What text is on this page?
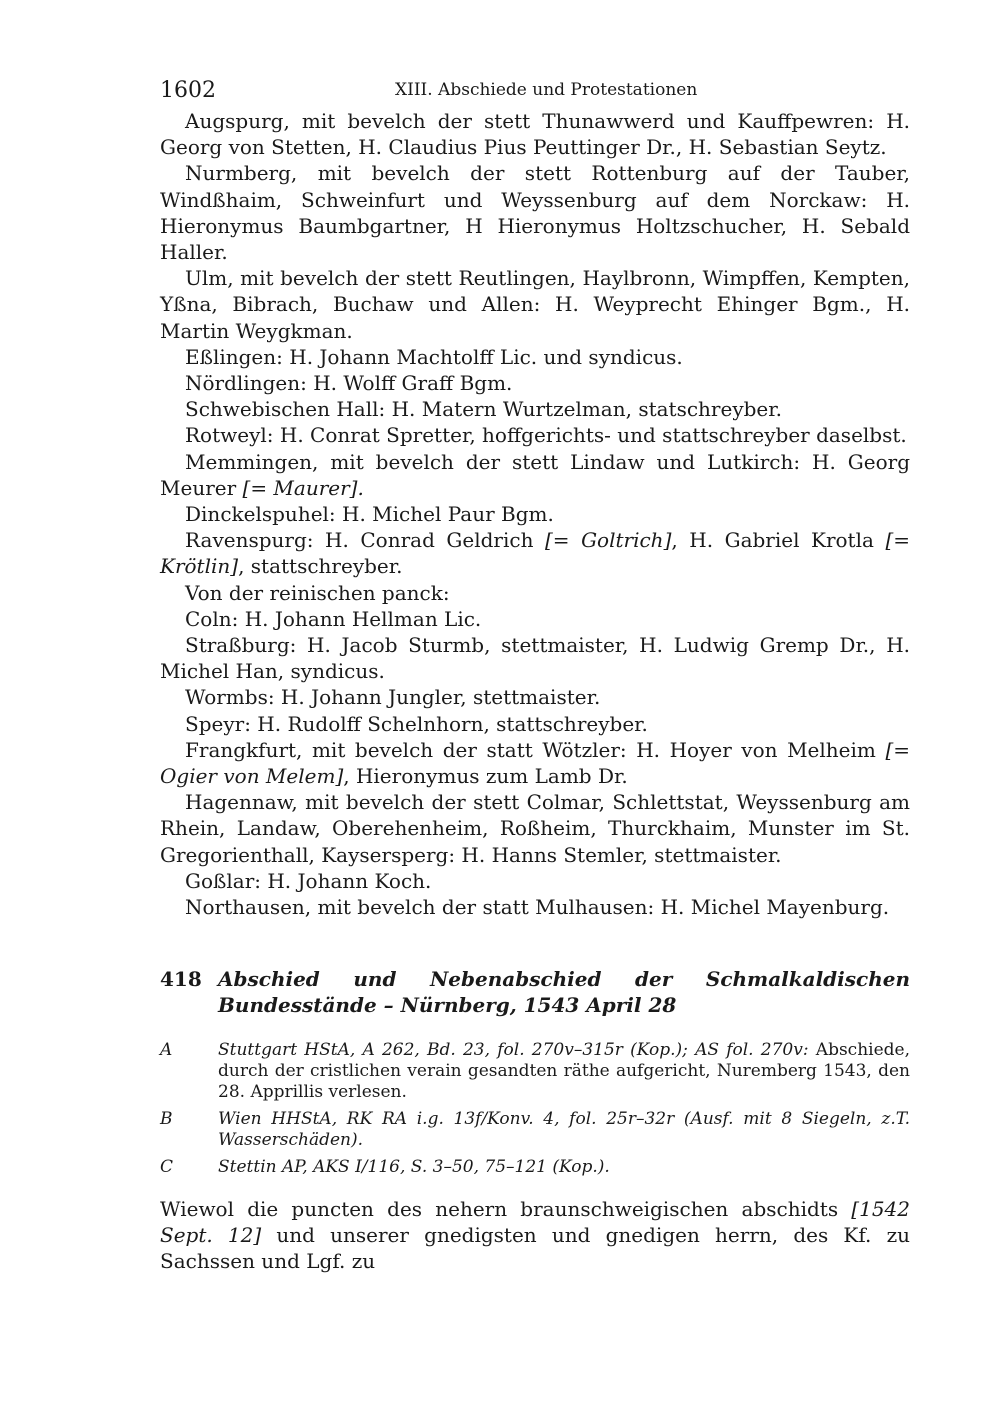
1602	XIII. Abschiede und Protestationen

Augspurg, mit bevelch der stett Thunawwerd und Kauffpewren: H. Georg von Stetten, H. Claudius Pius Peuttinger Dr., H. Sebastian Seytz.

Nurmberg, mit bevelch der stett Rottenburg auf der Tauber, Windßhaim, Schweinfurt und Weyssenburg auf dem Norckaw: H. Hieronymus Baumbgartner, H Hieronymus Holtzschucher, H. Sebald Haller.

Ulm, mit bevelch der stett Reutlingen, Haylbronn, Wimpffen, Kempten, Yßna, Bibrach, Buchaw und Allen: H. Weyprecht Ehinger Bgm., H. Martin Weygkman.

Eßlingen: H. Johann Machtolff Lic. und syndicus.

Nördlingen: H. Wolff Graff Bgm.

Schwebischen Hall: H. Matern Wurtzelman, statschreyber.

Rotweyl: H. Conrat Spretter, hoffgerichts- und stattschreyber daselbst.

Memmingen, mit bevelch der stett Lindaw und Lutkirch: H. Georg Meurer [= Maurer].

Dinckelspuhel: H. Michel Paur Bgm.

Ravenspurg: H. Conrad Geldrich [= Goltrich], H. Gabriel Krotla [= Krötlin], stattschreyber.

Von der reinischen panck:

Coln: H. Johann Hellman Lic.

Straßburg: H. Jacob Sturmb, stettmaister, H. Ludwig Gremp Dr., H. Michel Han, syndicus.

Wormbs: H. Johann Jungler, stettmaister.

Speyr: H. Rudolff Schelnhorn, stattschreyber.

Frangkfurt, mit bevelch der statt Wötzler: H. Hoyer von Melheim [= Ogier von Melem], Hieronymus zum Lamb Dr.

Hagennaw, mit bevelch der stett Colmar, Schlettstat, Weyssenburg am Rhein, Landaw, Oberehenheim, Roßheim, Thurckhaim, Munster im St. Gregorienthall, Kaysersperg: H. Hanns Stemler, stettmaister.

Goßlar: H. Johann Koch.

Northausen, mit bevelch der statt Mulhausen: H. Michel Mayenburg.

418 Abschied und Nebenabschied der Schmalkaldischen Bundesstände – Nürnberg, 1543 April 28
A	Stuttgart HStA, A 262, Bd. 23, fol. 270v–315r (Kop.); AS fol. 270v: Abschiede, durch der cristlichen verain gesandten räthe aufgericht, Nuremberg 1543, den 28. Apprillis verlesen.
B	Wien HHStA, RK RA i.g. 13f/Konv. 4, fol. 25r–32r (Ausf. mit 8 Siegeln, z.T. Wasserschäden).
C	Stettin AP, AKS I/116, S. 3–50, 75–121 (Kop.).

Wiewol die puncten des nehern braunschweigischen abschidts [1542 Sept. 12] und unserer gnedigsten und gnedigen herrn, des Kf. zu Sachssen und Lgf. zu
